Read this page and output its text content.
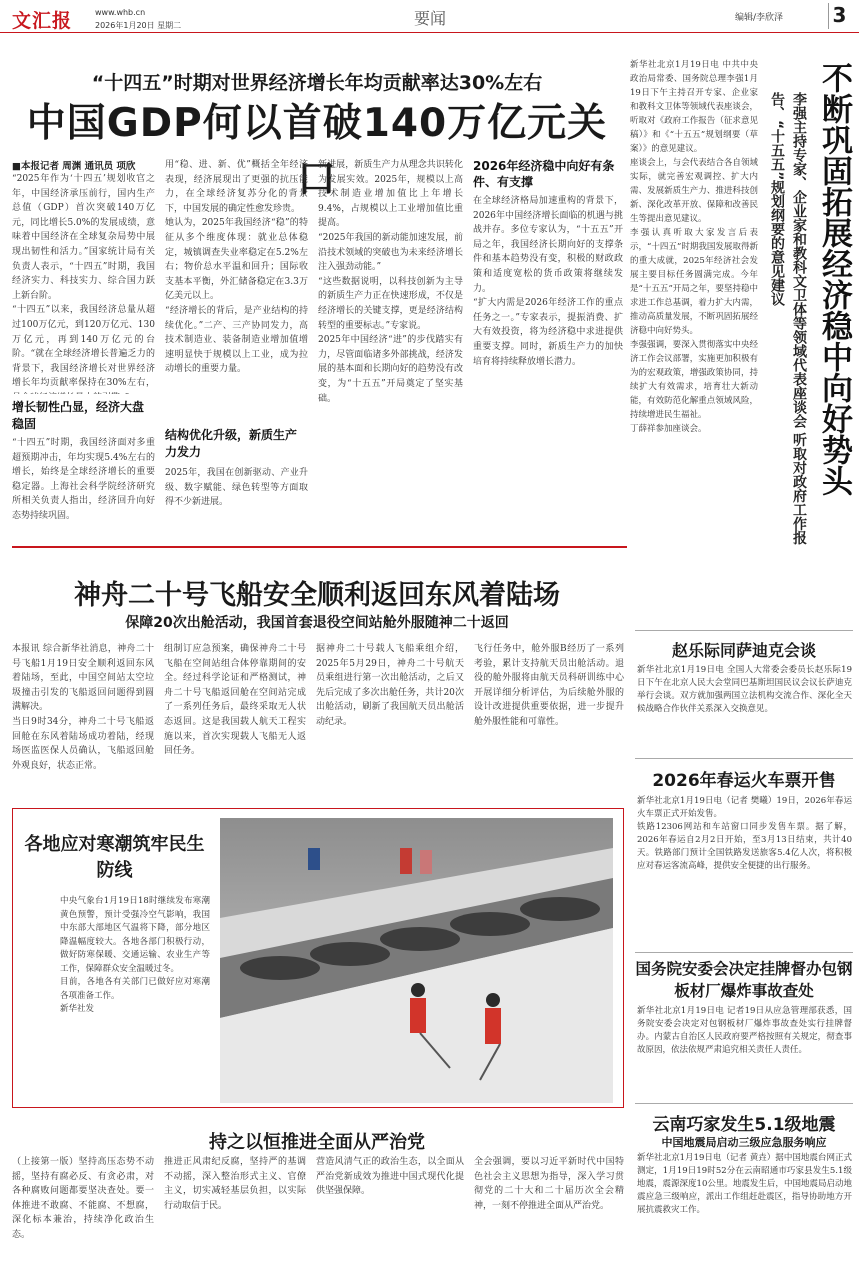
文汇报	www.whb.cn
2026年1月20日 星期二	要闻	编辑/李欣泽 3
“十四五”时期对世界经济增长年均贡献率达30%左右
中国GDP何以首破140万亿元关口
■本报记者 周渊 通讯员 项欣
“2025年作为‘十四五’规划收官之年，中国经济承压前行，国内生产总值（GDP）首次突破140万亿元，同比增长5.0%的发展成绩，意味着中国经济在全球复杂局势中展现出韧性和活力。”国家统计局有关负责人表示，“十四五”时期，我国经济实力、科技实力、综合国力跃上新台阶。
“十四五”以来，我国经济总量从超过100万亿元，到120万亿元、130万亿元，再到140万亿元的台阶。“就在全球经济增长普遍乏力的背景下，我国经济增长对世界经济增长年均贡献率保持在30%左右，

增长韧性凸显，经济大盘稳固
“十四五”时期，我国经济面对多重超预期冲击，年均实现5.4%左右的增长，始终是全球经济增长的重要稳定器。上海社会科学院经济研究所相关负责人指出，经济回升向好态势持续巩固。
用“稳、进、新、优”概括全年经济表现，经济展现出了更强的抗压能力，在全球经济复苏分化的背景下，中国发展的确定性愈发珍贵。
她认为，2025年我国经济“稳”的特征从多个维度体现：就业总体稳定，城镇调查失业率稳定在5.2%左右；物价总水平温和回升；国际收支基本平衡，外汇储备稳定在3.3万亿美元以上。
“经济增长的背后，是产业结构的持续优化。”二产、三产协同发力，高技术制造业、装备制造业增加值增速明显快于规模以上工业，成为拉动增长的重要力量。
结构优化升级，新质生产力发力
2025年，我国在创新驱动、产业升级、数字赋能、绿色转型等方面取得不少新进展。
新进展，新质生产力从理念共识转化为发展实效。2025年，规模以上高技术制造业增加值比上年增长9.4%，占规模以上工业增加值比重提高。
“2025年我国的新动能加速发展，前沿技术领域的突破也为未来经济增长注入强劲动能。”
“这些数据说明，以科技创新为主导的新质生产力正在快速形成，不仅是经济增长的关键支撑，更是经济结构转型的重要标志。”专家说。
2025年中国经济“进”的步伐踏实有力，尽管面临诸多外部挑战，经济发展的基本面和长期向好的趋势没有改变，为“十五五”开局奠定了坚实基础。
2026年经济稳中向好有条件、有支撑
在全球经济格局加速重构的背景下，2026年中国经济增长面临的机遇与挑战并存。多位专家认为，“十五五”开局之年，我国经济长期向好的支撑条件和基本趋势没有变，积极的财政政策和适度宽松的货币政策将继续发力。
“扩大内需是2026年经济工作的重点任务之一。”专家表示，提振消费、扩大有效投资，将为经济稳中求进提供重要支撑。同时，新质生产力的加快培育将持续释放增长潜力。
新华社北京1月19日电 中共中央政治局常委、国务院总理李强1月19日下午主持召开专家、企业家和教科文卫体等领域代表座谈会，听取对《政府工作报告（征求意见稿）》和《“十五五”规划纲要（草案）》的意见建议。
座谈会上，与会代表结合各自领域实际，就完善宏观调控、扩大内需、发展新质生产力、推进科技创新、深化改革开放、保障和改善民生等提出意见建议。
李强认真听取大家发言后表示，“十四五”时期我国发展取得新的重大成就，2025年经济社会发展主要目标任务圆满完成。今年是“十五五”开局之年，要坚持稳中求进工作总基调，着力扩大内需，推动高质量发展，不断巩固拓展经济稳中向好势头。
李强强调，要深入贯彻落实中央经济工作会议部署，实施更加积极有为的宏观政策，增强政策协同，持续扩大有效需求，培育壮大新动能，有效防范化解重点领域风险，持续增进民生福祉。
丁薛祥参加座谈会。	李强主持专家、企业家和教科文卫体等领域代表座谈会 听取对政府工作报告、“十五五”规划纲要的意见建议	不断巩固拓展经济稳中向好势头
神舟二十号飞船安全顺利返回东风着陆场
保障20次出舱活动，我国首套退役空间站舱外服随神二十返回
本报讯 综合新华社消息，神舟二十号飞船1月19日安全顺利返回东风着陆场，至此，中国空间站太空垃圾撞击引发的飞船返回问题得到圆满解决。
当日9时34分，神舟二十号飞船返回舱在东风着陆场成功着陆，经现场医监医保人员确认，飞船返回舱外观良好，状态正常。
组制订应急预案，确保神舟二十号飞船在空间站组合体停靠期间的安全。经过科学论证和严格测试，神舟二十号飞船返回舱在空间站完成了一系列任务后，最终采取无人状态返回。这是我国载人航天工程实施以来，首次实现载人飞船无人返回任务。
据神舟二十号载人飞船乘组介绍，2025年5月29日，神舟二十号航天员乘组进行第一次出舱活动，之后又先后完成了多次出舱任务，共计20次出舱活动，刷新了我国航天员出舱活动纪录。
飞行任务中，舱外服B经历了一系列考验，累计支持航天员出舱活动。退役的舱外服将由航天员科研训练中心开展详细分析评估，为后续舱外服的设计改进提供重要依据，进一步提升舱外服性能和可靠性。
各地应对寒潮筑牢民生防线
中央气象台1月19日18时继续发布寒潮黄色预警，预计受强冷空气影响，我国中东部大部地区气温将下降，部分地区降温幅度较大。各地各部门积极行动，做好防寒保暖、交通运输、农业生产等工作，保障群众安全温暖过冬。
目前，各地各有关部门已做好应对寒潮各项准备工作。
新华社发
持之以恒推进全面从严治党
（上接第一版）坚持高压态势不动摇，坚持有腐必反、有贪必肃，对各种腐败问题都要坚决查处。要一体推进不敢腐、不能腐、不想腐，深化标本兼治，持续净化政治生态。
推进正风肃纪反腐，坚持严的基调不动摇，深入整治形式主义、官僚主义，切实减轻基层负担，以实际行动取信于民。
营造风清气正的政治生态，以全面从严治党新成效为推进中国式现代化提供坚强保障。
全会强调，要以习近平新时代中国特色社会主义思想为指导，深入学习贯彻党的二十大和二十届历次全会精神，一刻不停推进全面从严治党。
赵乐际同萨迪克会谈
新华社北京1月19日电 全国人大常委会委员长赵乐际19日下午在北京人民大会堂同巴基斯坦国民议会议长萨迪克举行会谈。双方就加强两国立法机构交流合作、深化全天候战略合作伙伴关系深入交换意见。
2026年春运火车票开售
新华社北京1月19日电（记者 樊曦）19日，2026年春运火车票正式开始发售。
铁路12306网站和车站窗口同步发售车票。据了解，2026年春运自2月2日开始，至3月13日结束，共计40天。铁路部门预计全国铁路发送旅客5.4亿人次，将积极应对春运客流高峰，提供安全便捷的出行服务。
国务院安委会决定挂牌督办包钢板材厂爆炸事故查处
新华社北京1月19日电 记者19日从应急管理部获悉，国务院安委会决定对包钢板材厂爆炸事故查处实行挂牌督办。内蒙古自治区人民政府要严格按照有关规定，彻查事故原因，依法依规严肃追究相关责任人责任。
云南巧家发生5.1级地震
中国地震局启动三级应急服务响应
新华社北京1月19日电（记者 黄垚）据中国地震台网正式测定，1月19日19时52分在云南昭通市巧家县发生5.1级地震，震源深度10公里。地震发生后，中国地震局启动地震应急三级响应，派出工作组赶赴震区，指导协助地方开展抗震救灾工作。
